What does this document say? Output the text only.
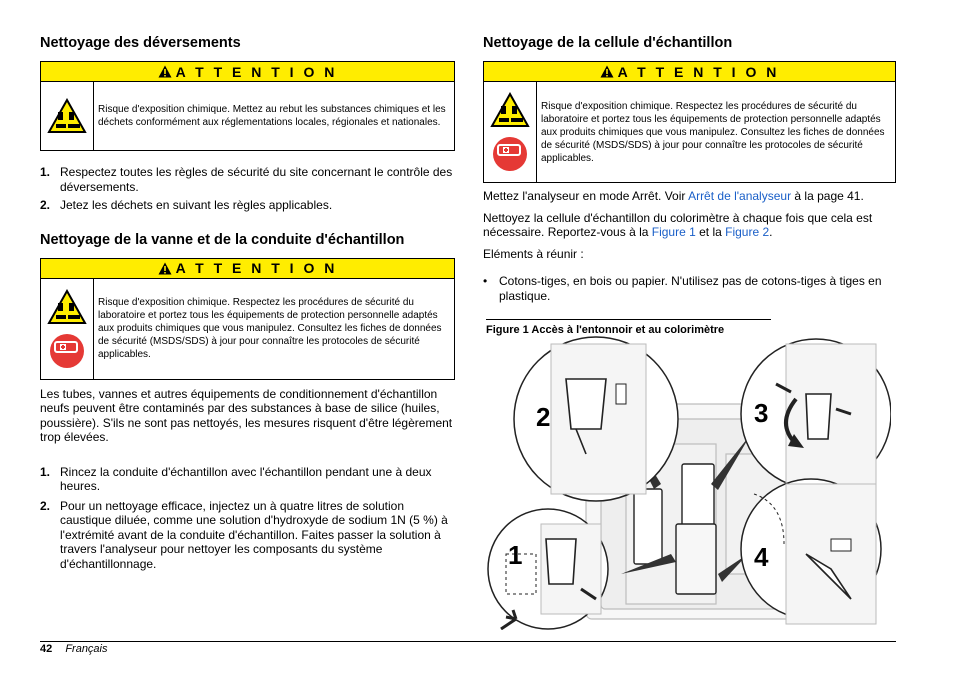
Nettoyage des déversements
A T T E N T I O N
Risque d'exposition chimique. Mettez au rebut les substances chimiques et les déchets conformément aux réglementations locales, régionales et nationales.
1. Respectez toutes les règles de sécurité du site concernant le contrôle des déversements.
2. Jetez les déchets en suivant les règles applicables.
Nettoyage de la vanne et de la conduite d'échantillon
A T T E N T I O N
Risque d'exposition chimique. Respectez les procédures de sécurité du laboratoire et portez tous les équipements de protection personnelle adaptés aux produits chimiques que vous manipulez. Consultez les fiches de données de sécurité (MSDS/SDS) à jour pour connaître les protocoles de sécurité applicables.

Les tubes, vannes et autres équipements de conditionnement d'échantillon neufs peuvent être contaminés par des substances à base de silice (huiles, poussière). S'ils ne sont pas nettoyés, les mesures risquent d'être légèrement trop élevées.

1. Rincez la conduite d'échantillon avec l'échantillon pendant une à deux heures.
2. Pour un nettoyage efficace, injectez un à quatre litres de solution caustique diluée, comme une solution d'hydroxyde de sodium 1N (5 %) à l'extrémité avant de la conduite d'échantillon. Faites passer la solution à travers l'analyseur pour nettoyer les composants du système d'échantillonnage.
Nettoyage de la cellule d'échantillon
A T T E N T I O N
Risque d'exposition chimique. Respectez les procédures de sécurité du laboratoire et portez tous les équipements de protection personnelle adaptés aux produits chimiques que vous manipulez. Consultez les fiches de données de sécurité (MSDS/SDS) à jour pour connaître les protocoles de sécurité applicables.

Mettez l'analyseur en mode Arrêt. Voir Arrêt de l'analyseur à la page 41.

Nettoyez la cellule d'échantillon du colorimètre à chaque fois que cela est nécessaire. Reportez-vous à la Figure 1 et la Figure 2.

Eléments à réunir :

• Cotons-tiges, en bois ou papier. N'utilisez pas de cotons-tiges à tiges en plastique.
Figure 1 Accès à l'entonnoir et au colorimètre
2
1
3
4
42 Français
